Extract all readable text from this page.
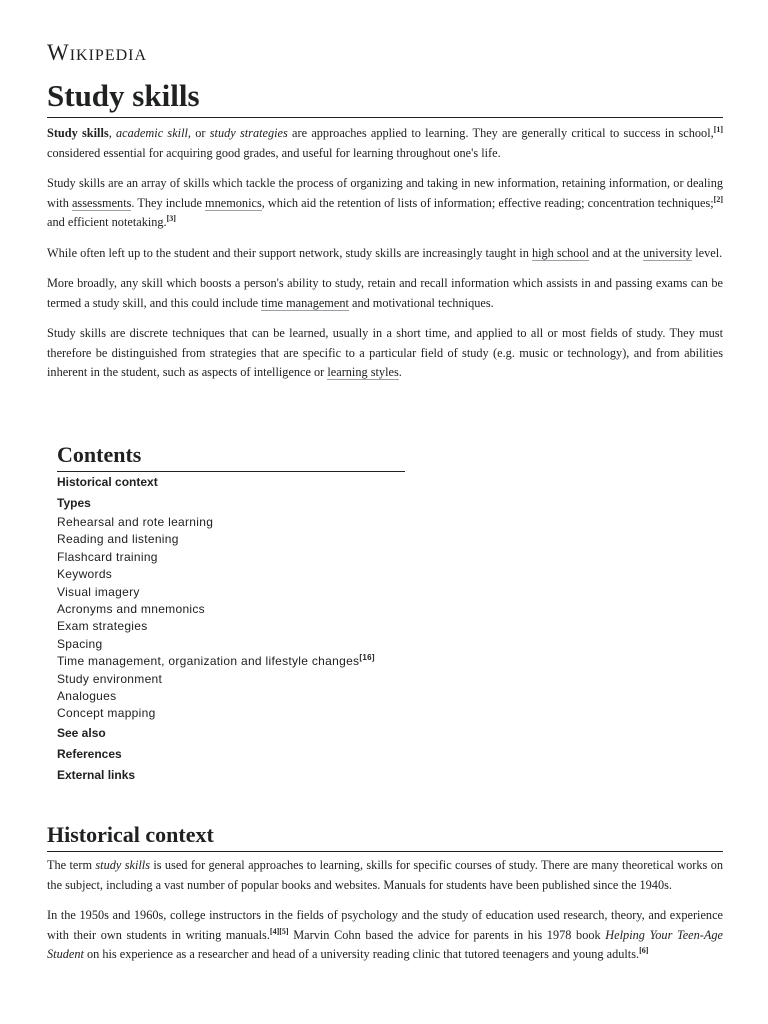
Wikipedia
Study skills

Study skills, academic skill, or study strategies are approaches applied to learning. They are generally critical to success in school,[1] considered essential for acquiring good grades, and useful for learning throughout one's life.

Study skills are an array of skills which tackle the process of organizing and taking in new information, retaining information, or dealing with assessments. They include mnemonics, which aid the retention of lists of information; effective reading; concentration techniques;[2] and efficient notetaking.[3]

While often left up to the student and their support network, study skills are increasingly taught in high school and at the university level.

More broadly, any skill which boosts a person's ability to study, retain and recall information which assists in and passing exams can be termed a study skill, and this could include time management and motivational techniques.

Study skills are discrete techniques that can be learned, usually in a short time, and applied to all or most fields of study. They must therefore be distinguished from strategies that are specific to a particular field of study (e.g. music or technology), and from abilities inherent in the student, such as aspects of intelligence or learning styles.

Contents
Historical context
Types
Rehearsal and rote learning
Reading and listening
Flashcard training
Keywords
Visual imagery
Acronyms and mnemonics
Exam strategies
Spacing
Time management, organization and lifestyle changes[16]
Study environment
Analogues
Concept mapping
See also
References
External links
Historical context

The term study skills is used for general approaches to learning, skills for specific courses of study. There are many theoretical works on the subject, including a vast number of popular books and websites. Manuals for students have been published since the 1940s.

In the 1950s and 1960s, college instructors in the fields of psychology and the study of education used research, theory, and experience with their own students in writing manuals.[4][5] Marvin Cohn based the advice for parents in his 1978 book Helping Your Teen-Age Student on his experience as a researcher and head of a university reading clinic that tutored teenagers and young adults.[6]
